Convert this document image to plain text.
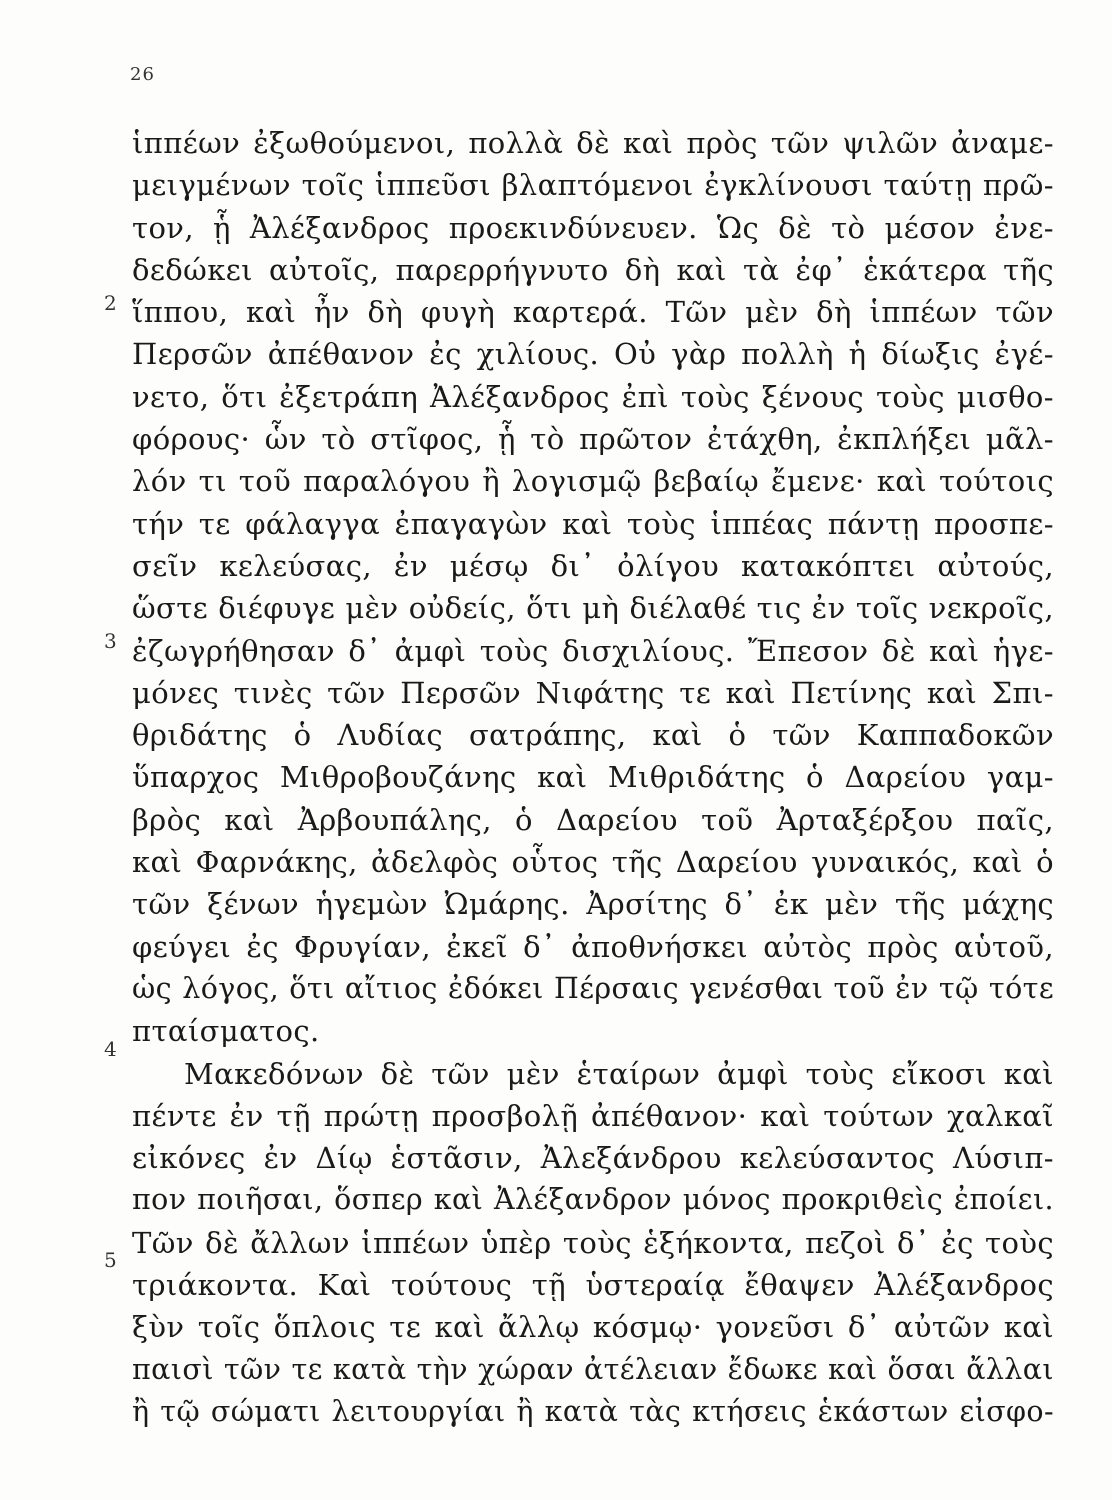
26
2
3
4
5
ἱππέων ἐξωθούμενοι, πολλὰ δὲ καὶ πρὸς τῶν ψιλῶν ἀναμε-
μειγμένων τοῖς ἱππεῦσι βλαπτόμενοι ἐγκλίνουσι ταύτῃ πρῶ-
τον, ᾗ Ἀλέξανδρος προεκινδύνευεν. Ὡς δὲ τὸ μέσον ἐνε-
δεδώκει αὐτοῖς, παρερρήγνυτο δὴ καὶ τὰ ἐφ᾽ ἑκάτερα τῆς
ἵππου, καὶ ἦν δὴ φυγὴ καρτερά. Τῶν μὲν δὴ ἱππέων τῶν
Περσῶν ἀπέθανον ἐς χιλίους. Οὐ γὰρ πολλὴ ἡ δίωξις ἐγέ-
νετο, ὅτι ἐξετράπη Ἀλέξανδρος ἐπὶ τοὺς ξένους τοὺς μισθο-
φόρους· ὧν τὸ στῖφος, ᾗ τὸ πρῶτον ἐτάχθη, ἐκπλήξει μᾶλ-
λόν τι τοῦ παραλόγου ἢ λογισμῷ βεβαίῳ ἔμενε· καὶ τούτοις
τήν τε φάλαγγα ἐπαγαγὼν καὶ τοὺς ἱππέας πάντῃ προσπε-
σεῖν κελεύσας, ἐν μέσῳ δι᾽ ὀλίγου κατακόπτει αὐτούς,
ὥστε διέφυγε μὲν οὐδείς, ὅτι μὴ διέλαθέ τις ἐν τοῖς νεκροῖς,
ἐζωγρήθησαν δ᾽ ἀμφὶ τοὺς δισχιλίους. Ἔπεσον δὲ καὶ ἡγε-
μόνες τινὲς τῶν Περσῶν Νιφάτης τε καὶ Πετίνης καὶ Σπι-
θριδάτης ὁ Λυδίας σατράπης, καὶ ὁ τῶν Καππαδοκῶν
ὕπαρχος Μιθροβουζάνης καὶ Μιθριδάτης ὁ Δαρείου γαμ-
βρὸς καὶ Ἀρβουπάλης, ὁ Δαρείου τοῦ Ἀρταξέρξου παῖς,
καὶ Φαρνάκης, ἀδελφὸς οὗτος τῆς Δαρείου γυναικός, καὶ ὁ
τῶν ξένων ἡγεμὼν Ὠμάρης. Ἀρσίτης δ᾽ ἐκ μὲν τῆς μάχης
φεύγει ἐς Φρυγίαν, ἐκεῖ δ᾽ ἀποθνήσκει αὐτὸς πρὸς αὑτοῦ,
ὡς λόγος, ὅτι αἴτιος ἐδόκει Πέρσαις γενέσθαι τοῦ ἐν τῷ τότε
πταίσματος.
Μακεδόνων δὲ τῶν μὲν ἑταίρων ἀμφὶ τοὺς εἴκοσι καὶ
πέντε ἐν τῇ πρώτῃ προσβολῇ ἀπέθανον· καὶ τούτων χαλκαῖ
εἰκόνες ἐν Δίῳ ἑστᾶσιν, Ἀλεξάνδρου κελεύσαντος Λύσιπ-
πον ποιῆσαι, ὅσπερ καὶ Ἀλέξανδρον μόνος προκριθεὶς ἐποίει.
Τῶν δὲ ἄλλων ἱππέων ὑπὲρ τοὺς ἑξήκοντα, πεζοὶ δ᾽ ἐς τοὺς
τριάκοντα. Καὶ τούτους τῇ ὑστεραίᾳ ἔθαψεν Ἀλέξανδρος
ξὺν τοῖς ὅπλοις τε καὶ ἄλλῳ κόσμῳ· γονεῦσι δ᾽ αὐτῶν καὶ
παισὶ τῶν τε κατὰ τὴν χώραν ἀτέλειαν ἔδωκε καὶ ὅσαι ἄλλαι
ἢ τῷ σώματι λειτουργίαι ἢ κατὰ τὰς κτήσεις ἑκάστων εἰσφο-
